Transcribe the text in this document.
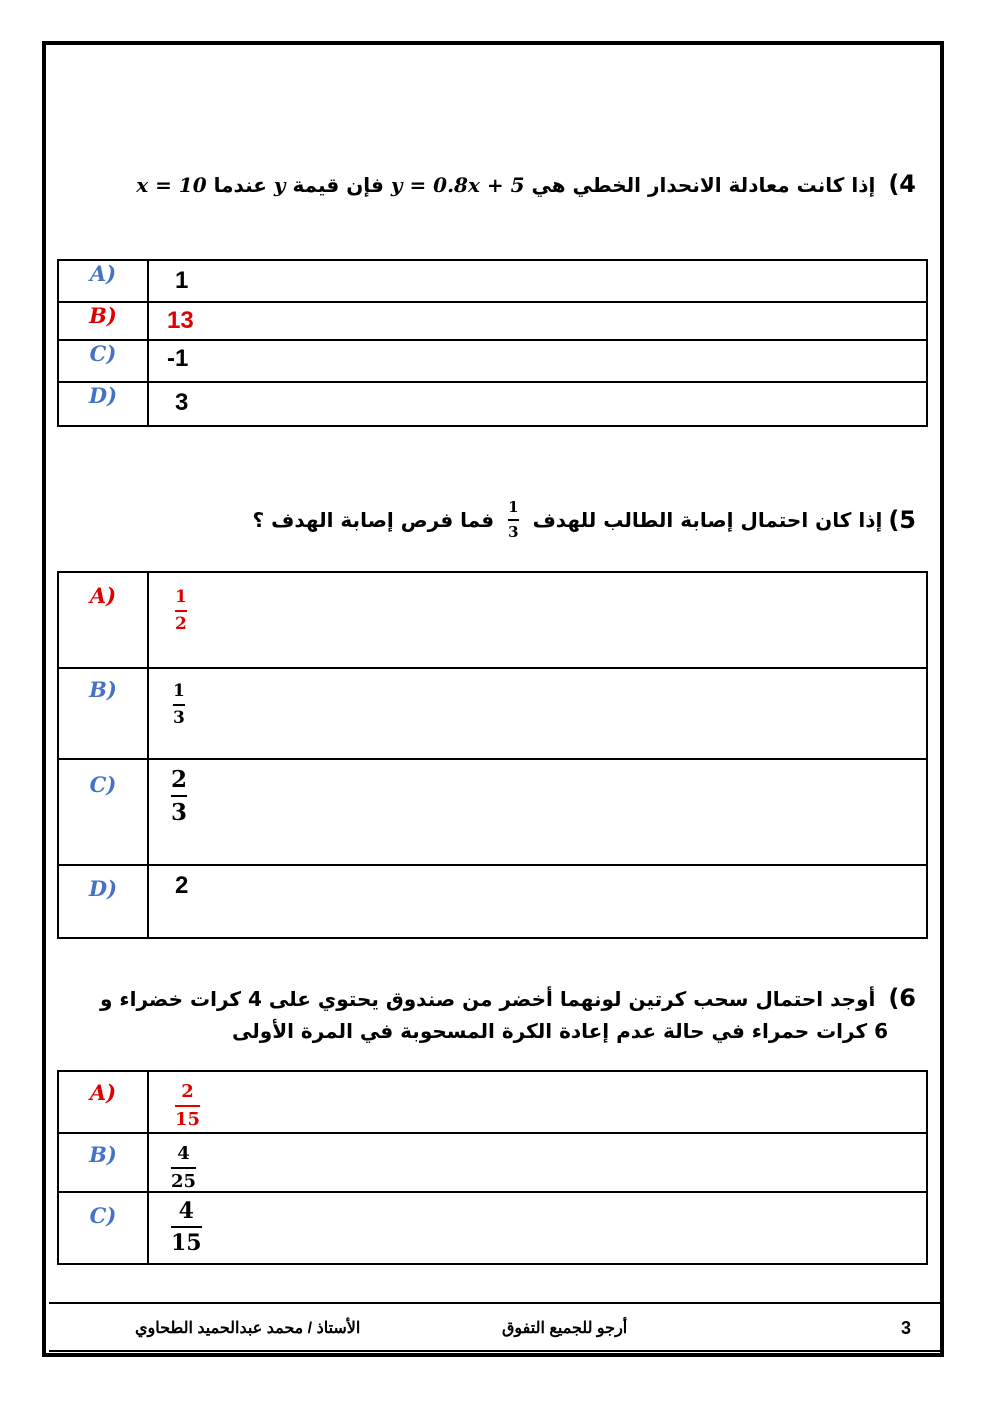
4) إذا كانت معادلة الانحدار الخطي هي y = 0.8x + 5 فإن قيمة y عندما x = 10
A)	1
B)	13
C)	-1
D)	3
5)
إذا كان احتمال إصابة الطالب للهدف
$\frac{1}{3}$
فما فرص إصابة الهدف ؟
A)	$\frac{1}{2}$

B)	$\frac{1}{3}$

C)	$\frac{2}{3}$

D)	2
6) أوجد احتمال سحب كرتين لونهما أخضر من صندوق يحتوي على 4 كرات خضراء و
6 كرات حمراء في حالة عدم إعادة الكرة المسحوبة في المرة الأولى
A)	$\frac{2}{15}$

B)	$\frac{4}{25}$

C)	$\frac{4}{15}$
الأستاذ / محمد عبدالحميد الطحاوي	أرجو للجميع التفوق	3
